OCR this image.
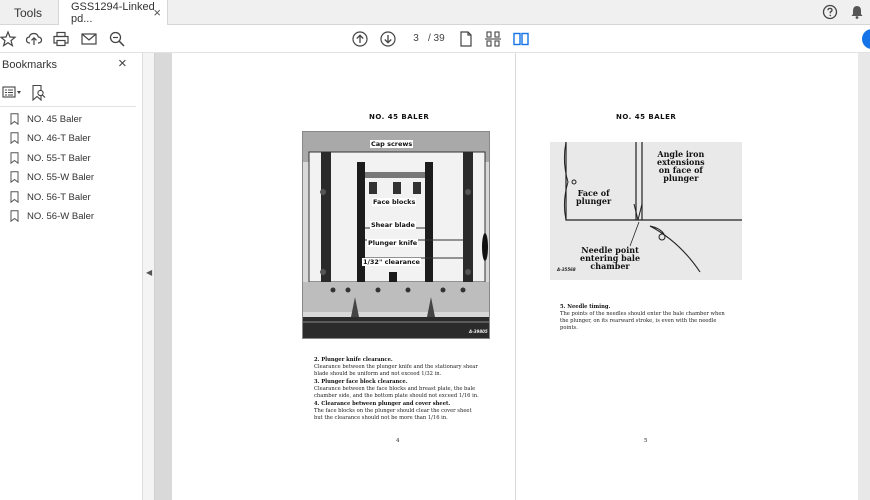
Tools	GSS1294-Linked pd...	×
3 / 39
Bookmarks	×
NO. 45 Baler
NO. 46-T Baler
NO. 55-T Baler
NO. 55-W Baler
NO. 56-T Baler
NO. 56-W Baler
◀
NO. 45 BALER
Cap screws
Face blocks
Shear blade
Plunger knife
1/32" clearance
A-39805
2. Plunger knife clearance.
Clearance between the plunger knife and the stationary shear
blade should be uniform and not exceed 1/32 in.
3. Plunger face block clearance.
Clearance between the face blocks and breast plate, the bale
chamber side, and the bottom plate should not exceed 1/16 in.
4. Clearance between plunger and cover sheet.
The face blocks on the plunger should clear the cover sheet
but the clearance should not be more than 1/16 in.
4
NO. 45 BALER
Angle iron
extensions
on face of
plunger
Face of
plunger
Needle point
entering bale
chamber
A-35568
5. Needle timing.
The points of the needles should enter the bale chamber when
the plunger, on its rearward stroke, is even with the needle
points.
5
